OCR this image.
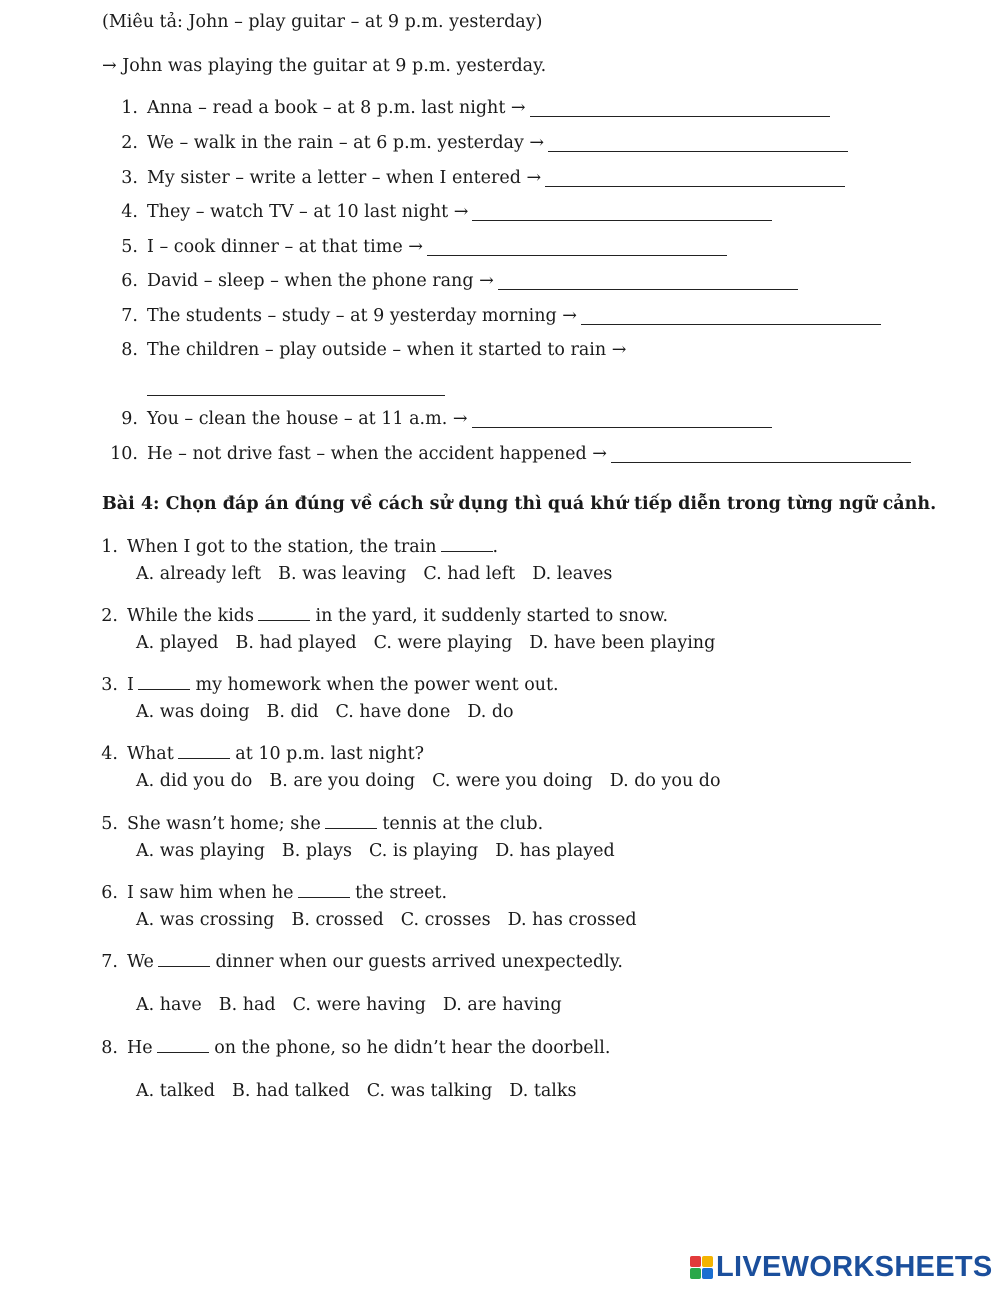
(Miêu tả: John – play guitar – at 9 p.m. yesterday)
→ John was playing the guitar at 9 p.m. yesterday.
1. Anna – read a book – at 8 p.m. last night →
2. We – walk in the rain – at 6 p.m. yesterday →
3. My sister – write a letter – when I entered →
4. They – watch TV – at 10 last night →
5. I – cook dinner – at that time →
6. David – sleep – when the phone rang →
7. The students – study – at 9 yesterday morning →
8. The children – play outside – when it started to rain →
9. You – clean the house – at 11 a.m. →
10. He – not drive fast – when the accident happened →
Bài 4: Chọn đáp án đúng về cách sử dụng thì quá khứ tiếp diễn trong từng ngữ cảnh.
1. When I got to the station, the train	.
A. already left B. was leaving C. had left D. leaves
2. While the kids	in the yard, it suddenly started to snow.
A. played B. had played C. were playing D. have been playing
3. I	my homework when the power went out.
A. was doing B. did C. have done D. do
4. What	at 10 p.m. last night?
A. did you do B. are you doing C. were you doing D. do you do
5. She wasn’t home; she	tennis at the club.
A. was playing B. plays C. is playing D. has played
6. I saw him when he	the street.
A. was crossing B. crossed C. crosses D. has crossed
7. We	dinner when our guests arrived unexpectedly.
A. have B. had C. were having D. are having
8. He	on the phone, so he didn’t hear the doorbell.
A. talked B. had talked C. was talking D. talks
LIVEWORKSHEETS
